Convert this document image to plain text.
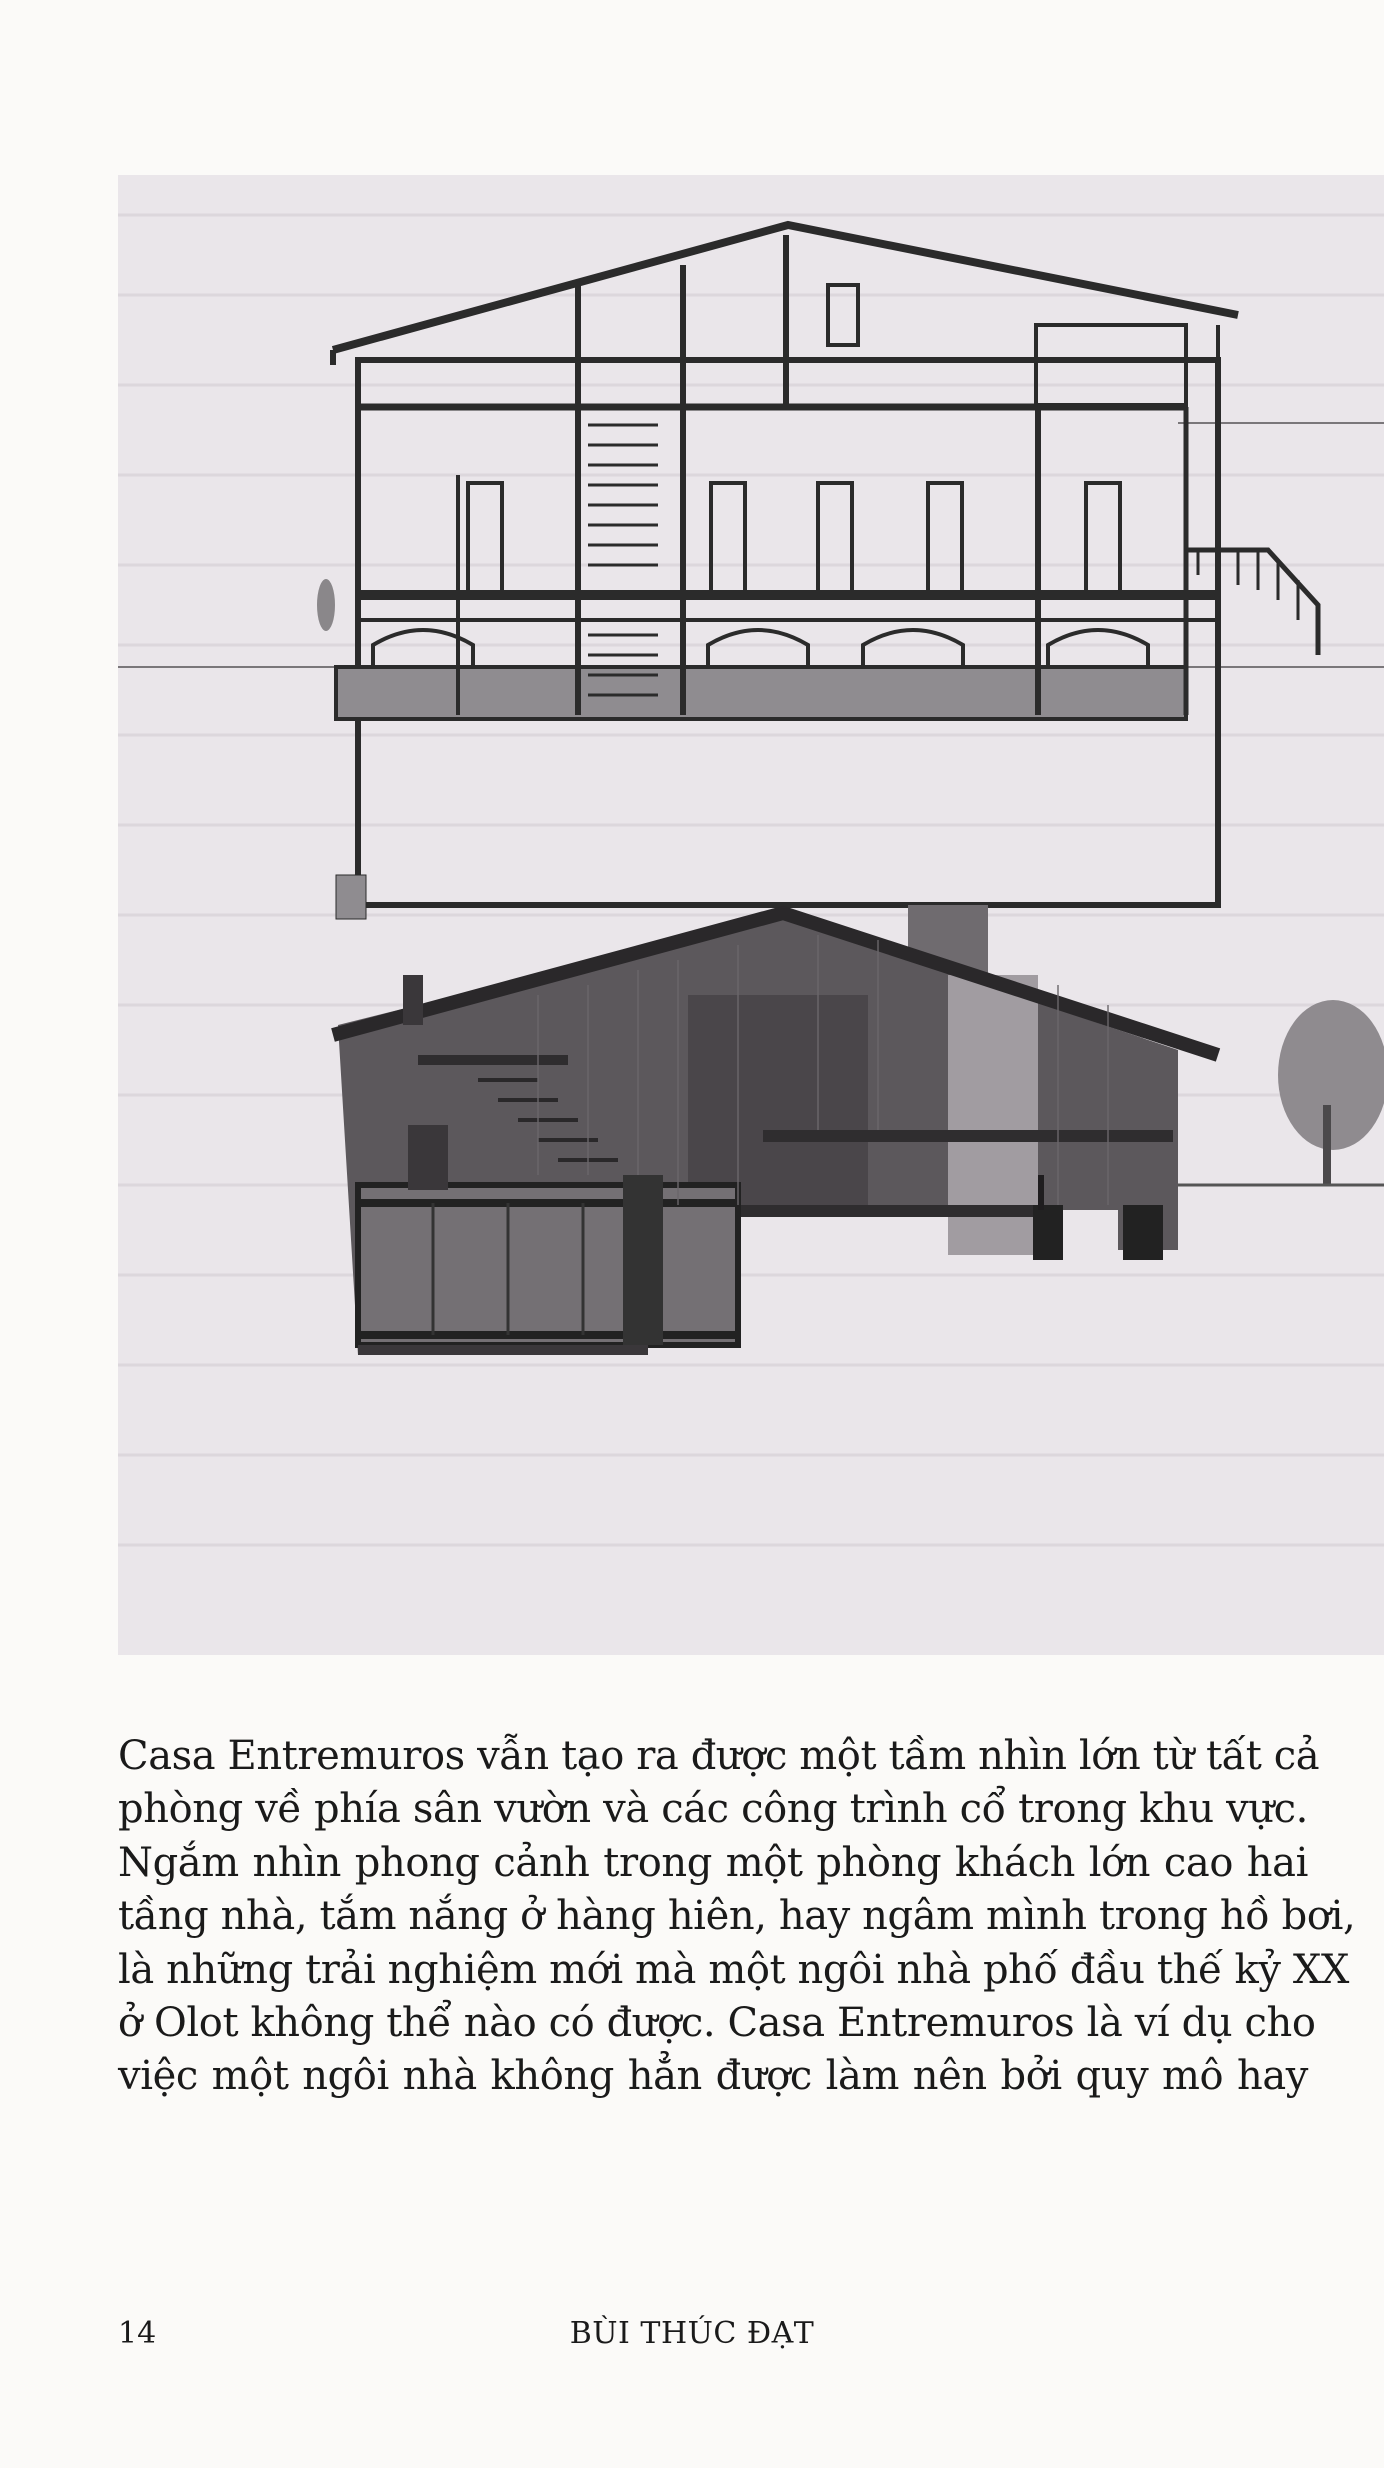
Casa Entremuros vẫn tạo ra được một tầm nhìn lớn từ tất cả
phòng về phía sân vườn và các công trình cổ trong khu vực.
Ngắm nhìn phong cảnh trong một phòng khách lớn cao hai
tầng nhà, tắm nắng ở hàng hiên, hay ngâm mình trong hồ bơi,
là những trải nghiệm mới mà một ngôi nhà phố đầu thế kỷ XX
ở Olot không thể nào có được. Casa Entremuros là ví dụ cho
việc một ngôi nhà không hẳn được làm nên bởi quy mô hay
14	BÙI THÚC ĐẠT
